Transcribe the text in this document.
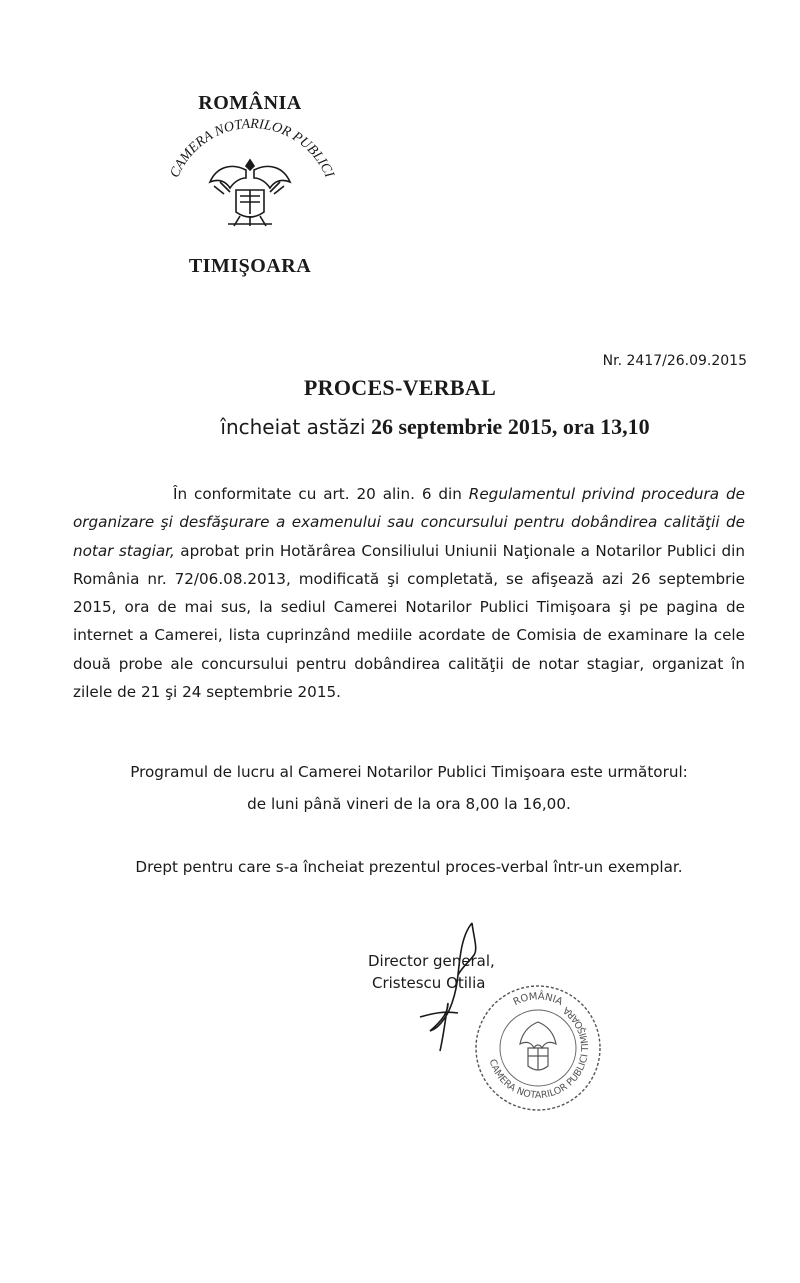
ROMÂNIA
CAMERA NOTARILOR PUBLICI
TIMIŞOARA
Nr. 2417/26.09.2015
PROCES-VERBAL
încheiat astăzi 26 septembrie 2015, ora 13,10
În conformitate cu art. 20 alin. 6 din Regulamentul privind procedura de organizare şi desfăşurare a examenului sau concursului pentru dobândirea calităţii de notar stagiar, aprobat prin Hotărârea Consiliului Uniunii Naţionale a Notarilor Publici din România nr. 72/06.08.2013, modificată şi completată, se afişează azi 26 septembrie 2015, ora de mai sus, la sediul Camerei Notarilor Publici Timişoara şi pe pagina de internet a Camerei, lista cuprinzând mediile acordate de Comisia de examinare la cele două probe ale concursului pentru dobândirea calităţii de notar stagiar, organizat în zilele de 21 şi 24 septembrie 2015.
Programul de lucru al Camerei Notarilor Publici Timişoara este următorul:
de luni până vineri de la ora 8,00 la 16,00.
Drept pentru care s-a încheiat prezentul proces-verbal într-un exemplar.
Director general,
Cristescu Otilia
ROMÂNIA
CAMERA NOTARILOR PUBLICI TIMIŞOARA
